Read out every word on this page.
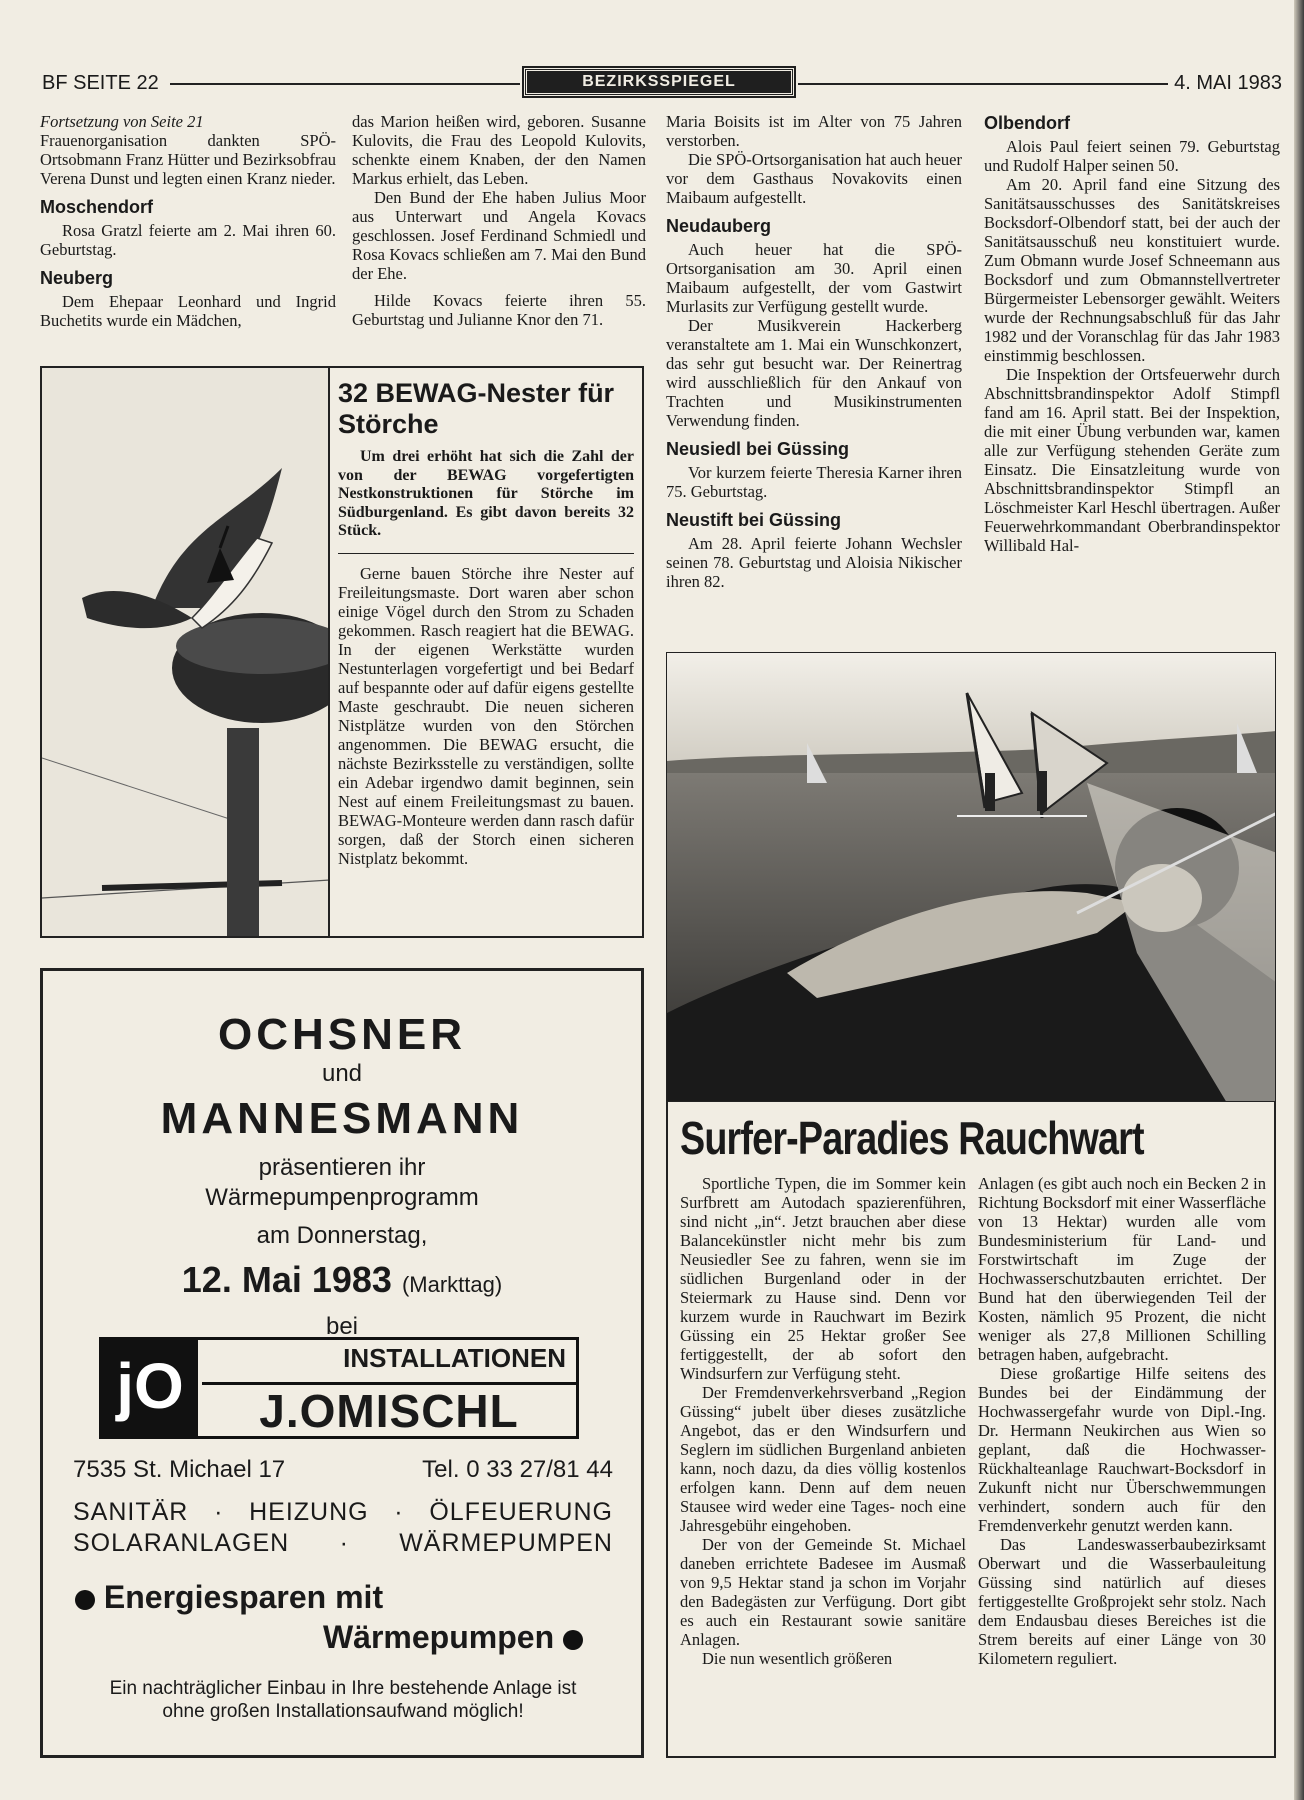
BF SEITE 22	BEZIRKSSPIEGEL	4. MAI 1983

Fortsetzung von Seite 21

Frauenorganisation dankten SPÖ-Ortsobmann Franz Hütter und Bezirksobfrau Verena Dunst und legten einen Kranz nieder.

Moschendorf

Rosa Gratzl feierte am 2. Mai ihren 60. Geburtstag.

Neuberg

Dem Ehepaar Leonhard und Ingrid Buchetits wurde ein Mädchen,

das Marion heißen wird, geboren. Susanne Kulovits, die Frau des Leopold Kulovits, schenkte einem Knaben, der den Namen Markus erhielt, das Leben.

Den Bund der Ehe haben Julius Moor aus Unterwart und Angela Kovacs geschlossen. Josef Ferdinand Schmiedl und Rosa Kovacs schließen am 7. Mai den Bund der Ehe.

Hilde Kovacs feierte ihren 55. Geburtstag und Julianne Knor den 71.

Maria Boisits ist im Alter von 75 Jahren verstorben.

Die SPÖ-Ortsorganisation hat auch heuer vor dem Gasthaus Novakovits einen Maibaum aufgestellt.

Neudauberg

Auch heuer hat die SPÖ-Ortsorganisation am 30. April einen Maibaum aufgestellt, der vom Gastwirt Murlasits zur Verfügung gestellt wurde.

Der Musikverein Hackerberg veranstaltete am 1. Mai ein Wunschkonzert, das sehr gut besucht war. Der Reinertrag wird ausschließlich für den Ankauf von Trachten und Musikinstrumenten Verwendung finden.

Neusiedl bei Güssing

Vor kurzem feierte Theresia Karner ihren 75. Geburtstag.

Neustift bei Güssing

Am 28. April feierte Johann Wechsler seinen 78. Geburtstag und Aloisia Nikischer ihren 82.

Olbendorf

Alois Paul feiert seinen 79. Geburtstag und Rudolf Halper seinen 50.

Am 20. April fand eine Sitzung des Sanitätsausschusses des Sanitätskreises Bocksdorf-Olbendorf statt, bei der auch der Sanitätsausschuß neu konstituiert wurde. Zum Obmann wurde Josef Schneemann aus Bocksdorf und zum Obmannstellvertreter Bürgermeister Lebensorger gewählt. Weiters wurde der Rechnungsabschluß für das Jahr 1982 und der Voranschlag für das Jahr 1983 einstimmig beschlossen.

Die Inspektion der Ortsfeuerwehr durch Abschnittsbrandinspektor Adolf Stimpfl fand am 16. April statt. Bei der Inspektion, die mit einer Übung verbunden war, kamen alle zur Verfügung stehenden Geräte zum Einsatz. Die Einsatzleitung wurde von Abschnittsbrandinspektor Stimpfl an Löschmeister Karl Heschl übertragen. Außer Feuerwehrkommandant Oberbrandinspektor Willibald Hal-

32 BEWAG-Nester für Störche

Um drei erhöht hat sich die Zahl der von der BEWAG vorgefertigten Nestkonstruktionen für Störche im Südburgenland. Es gibt davon bereits 32 Stück.

Gerne bauen Störche ihre Nester auf Freileitungsmaste. Dort waren aber schon einige Vögel durch den Strom zu Schaden gekommen. Rasch reagiert hat die BEWAG. In der eigenen Werkstätte wurden Nestunterlagen vorgefertigt und bei Bedarf auf bespannte oder auf dafür eigens gestellte Maste geschraubt. Die neuen sicheren Nistplätze wurden von den Störchen angenommen. Die BEWAG ersucht, die nächste Bezirksstelle zu verständigen, sollte ein Adebar irgendwo damit beginnen, sein Nest auf einem Freileitungsmast zu bauen. BEWAG-Monteure werden dann rasch dafür sorgen, daß der Storch einen sicheren Nistplatz bekommt.

OCHSNER
und
MANNESMANN
präsentieren ihr
Wärmepumpenprogramm
am Donnerstag,
12. Mai 1983 (Markttag)
bei
jO	INSTALLATIONEN
J.OMISCHL
7535 St. Michael 17	Tel. 0 33 27/81 44
SANITÄR · HEIZUNG · ÖLFEUERUNG
SOLARANLAGEN · WÄRMEPUMPEN
Energiesparen mit
Wärmepumpen
Ein nachträglicher Einbau in Ihre bestehende Anlage ist
ohne großen Installationsaufwand möglich!
Surfer-Paradies Rauchwart

Sportliche Typen, die im Sommer kein Surfbrett am Autodach spazierenführen, sind nicht „in“. Jetzt brauchen aber diese Balancekünstler nicht mehr bis zum Neusiedler See zu fahren, wenn sie im südlichen Burgenland oder in der Steiermark zu Hause sind. Denn vor kurzem wurde in Rauchwart im Bezirk Güssing ein 25 Hektar großer See fertiggestellt, der ab sofort den Windsurfern zur Verfügung steht.

Der Fremdenverkehrsverband „Region Güssing“ jubelt über dieses zusätzliche Angebot, das er den Windsurfern und Seglern im südlichen Burgenland anbieten kann, noch dazu, da dies völlig kostenlos erfolgen kann. Denn auf dem neuen Stausee wird weder eine Tages- noch eine Jahresgebühr eingehoben.

Der von der Gemeinde St. Michael daneben errichtete Badesee im Ausmaß von 9,5 Hektar stand ja schon im Vorjahr den Badegästen zur Verfügung. Dort gibt es auch ein Restaurant sowie sanitäre Anlagen.

Die nun wesentlich größeren

Anlagen (es gibt auch noch ein Becken 2 in Richtung Bocksdorf mit einer Wasserfläche von 13 Hektar) wurden alle vom Bundesministerium für Land- und Forstwirtschaft im Zuge der Hochwasserschutzbauten errichtet. Der Bund hat den überwiegenden Teil der Kosten, nämlich 95 Prozent, die nicht weniger als 27,8 Millionen Schilling betragen haben, aufgebracht.

Diese großartige Hilfe seitens des Bundes bei der Eindämmung der Hochwassergefahr wurde von Dipl.-Ing. Dr. Hermann Neukirchen aus Wien so geplant, daß die Hochwasser-Rückhalteanlage Rauchwart-Bocksdorf in Zukunft nicht nur Überschwemmungen verhindert, sondern auch für den Fremdenverkehr genutzt werden kann.

Das Landeswasserbaubezirksamt Oberwart und die Wasserbauleitung Güssing sind natürlich auf dieses fertiggestellte Großprojekt sehr stolz. Nach dem Endausbau dieses Bereiches ist die Strem bereits auf einer Länge von 30 Kilometern reguliert.
